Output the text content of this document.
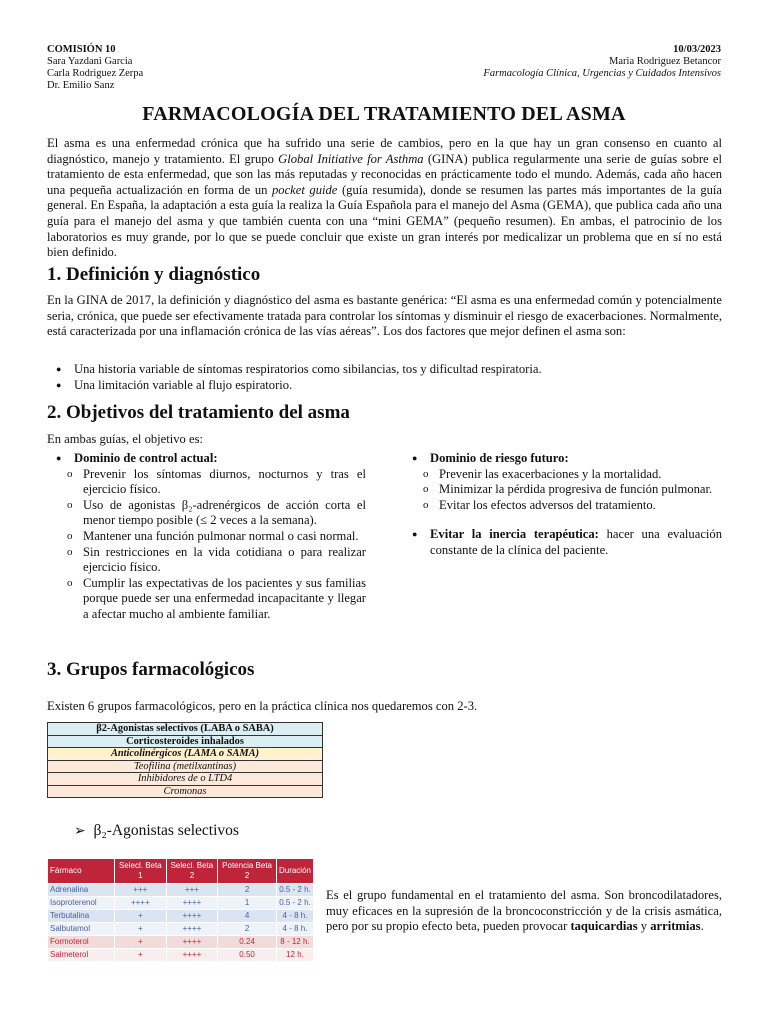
COMISIÓN 10
Sara Yazdani Garcia
Carla Rodriguez Zerpa
Dr. Emilio Sanz
10/03/2023
Maria Rodriguez Betancor
Farmacología Clínica, Urgencias y Cuidados Intensivos
FARMACOLOGÍA DEL TRATAMIENTO DEL ASMA
El asma es una enfermedad crónica que ha sufrido una serie de cambios, pero en la que hay un gran consenso en cuanto al diagnóstico, manejo y tratamiento. El grupo Global Initiative for Asthma (GINA) publica regularmente una serie de guías sobre el tratamiento de esta enfermedad, que son las más reputadas y reconocidas en prácticamente todo el mundo. Además, cada año hacen una pequeña actualización en forma de un pocket guide (guía resumida), donde se resumen las partes más importantes de la guía general. En España, la adaptación a esta guía la realiza la Guía Española para el manejo del Asma (GEMA), que publica cada año una guía para el manejo del asma y que también cuenta con una “mini GEMA” (pequeño resumen). En ambas, el patrocinio de los laboratorios es muy grande, por lo que se puede concluir que existe un gran interés por medicalizar un problema que en sí no está bien definido.
1. Definición y diagnóstico
En la GINA de 2017, la definición y diagnóstico del asma es bastante genérica: “El asma es una enfermedad común y potencialmente seria, crónica, que puede ser efectivamente tratada para controlar los síntomas y disminuir el riesgo de exacerbaciones. Normalmente, está caracterizada por una inflamación crónica de las vías aéreas”. Los dos factores que mejor definen el asma son:
● Una historia variable de síntomas respiratorios como sibilancias, tos y dificultad respiratoria.
● Una limitación variable al flujo espiratorio.
2. Objetivos del tratamiento del asma
En ambas guías, el objetivo es:
● Dominio de control actual:
o Prevenir los síntomas diurnos, nocturnos y tras el ejercicio físico.
o Uso de agonistas β₂-adrenérgicos de acción corta el menor tiempo posible (≤ 2 veces a la semana).
o Mantener una función pulmonar normal o casi normal.
o Sin restricciones en la vida cotidiana o para realizar ejercicio físico.
o Cumplir las expectativas de los pacientes y sus familias porque puede ser una enfermedad incapacitante y llegar a afectar mucho al ambiente familiar.
● Dominio de riesgo futuro:
o Prevenir las exacerbaciones y la mortalidad.
o Minimizar la pérdida progresiva de función pulmonar.
o Evitar los efectos adversos del tratamiento.
● Evitar la inercia terapéutica: hacer una evaluación constante de la clínica del paciente.
3. Grupos farmacológicos
Existen 6 grupos farmacológicos, pero en la práctica clínica nos quedaremos con 2-3.
β2-Agonistas selectivos (LABA o SABA)
Corticosteroides inhalados
Anticolinérgicos (LAMA o SAMA)
Teofilina (metilxantinas)
Inhibidores de o LTD4
Cromonas
➢ β₂-Agonistas selectivos
Fármaco	Selecl. Beta 1	Selecl. Beta 2	Potencia Beta 2	Duración
Adrenalina	+++	+++	2	0.5 - 2 h.
Isoproterenol	++++	++++	1	0.5 - 2 h.
Terbutalina	+	++++	4	4 - 8 h.
Salbutamol	+	++++	2	4 - 8 h.
Formoterol	+	++++	0.24	8 - 12 h.
Salmeterol	+	++++	0.50	12 h.
Es el grupo fundamental en el tratamiento del asma. Son broncodilatadores, muy eficaces en la supresión de la broncoconstricción y de la crisis asmática, pero por su propio efecto beta, pueden provocar taquicardias y arritmias.
